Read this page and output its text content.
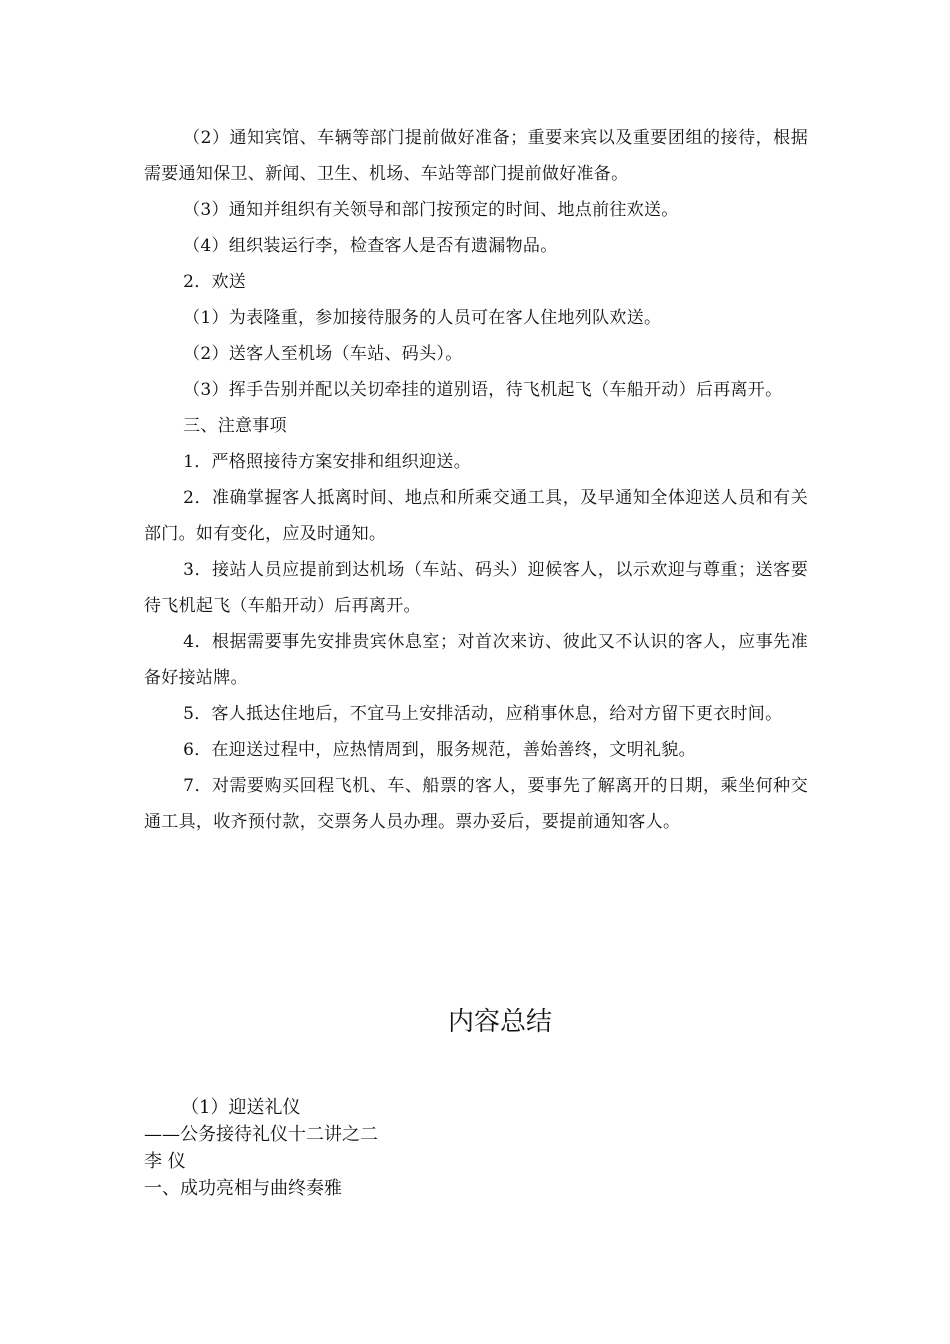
（2）通知宾馆、车辆等部门提前做好准备；重要来宾以及重要团组的接待，根据需要通知保卫、新闻、卫生、机场、车站等部门提前做好准备。

（3）通知并组织有关领导和部门按预定的时间、地点前往欢送。

（4）组织装运行李，检查客人是否有遗漏物品。

2．欢送

（1）为表隆重，参加接待服务的人员可在客人住地列队欢送。

（2）送客人至机场（车站、码头）。

（3）挥手告别并配以关切牵挂的道别语，待飞机起飞（车船开动）后再离开。

三、注意事项

1．严格照接待方案安排和组织迎送。

2．准确掌握客人抵离时间、地点和所乘交通工具，及早通知全体迎送人员和有关部门。如有变化，应及时通知。

3．接站人员应提前到达机场（车站、码头）迎候客人，以示欢迎与尊重；送客要待飞机起飞（车船开动）后再离开。

4．根据需要事先安排贵宾休息室；对首次来访、彼此又不认识的客人，应事先准备好接站牌。

5．客人抵达住地后，不宜马上安排活动，应稍事休息，给对方留下更衣时间。

6．在迎送过程中，应热情周到，服务规范，善始善终，文明礼貌。

7．对需要购买回程飞机、车、船票的客人，要事先了解离开的日期，乘坐何种交通工具，收齐预付款，交票务人员办理。票办妥后，要提前通知客人。

内容总结

（1）迎送礼仪

——公务接待礼仪十二讲之二

李 仪

一、成功亮相与曲终奏雅
